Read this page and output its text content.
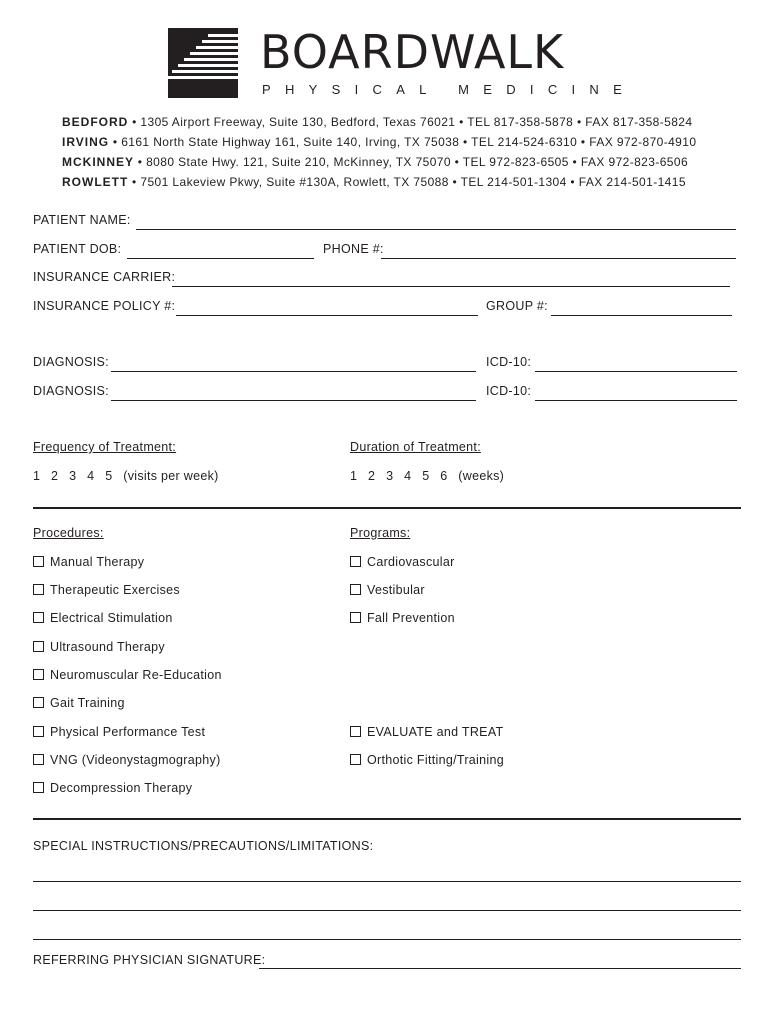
BOARDWALK
PHYSICAL MEDICINE
BEDFORD • 1305 Airport Freeway, Suite 130, Bedford, Texas 76021 • TEL 817-358-5878 • FAX 817-358-5824
IRVING • 6161 North State Highway 161, Suite 140, Irving, TX 75038 • TEL 214-524-6310 • FAX 972-870-4910
MCKINNEY • 8080 State Hwy. 121, Suite 210, McKinney, TX 75070 • TEL 972-823-6505 • FAX 972-823-6506
ROWLETT • 7501 Lakeview Pkwy, Suite #130A, Rowlett, TX 75088 • TEL 214-501-1304 • FAX 214-501-1415
PATIENT NAME:
PATIENT DOB:	PHONE #:
INSURANCE CARRIER:
INSURANCE POLICY #:	GROUP #:
DIAGNOSIS:	ICD-10:
DIAGNOSIS:	ICD-10:
Frequency of Treatment:
1 2 3 4 5 (visits per week)
Duration of Treatment:
1 2 3 4 5 6 (weeks)
Procedures:
Manual Therapy
Therapeutic Exercises
Electrical Stimulation
Ultrasound Therapy
Neuromuscular Re-Education
Gait Training
Physical Performance Test
VNG (Videonystagmography)
Decompression Therapy
Programs:
Cardiovascular
Vestibular
Fall Prevention
EVALUATE and TREAT
Orthotic Fitting/Training
SPECIAL INSTRUCTIONS/PRECAUTIONS/LIMITATIONS:
REFERRING PHYSICIAN SIGNATURE:
